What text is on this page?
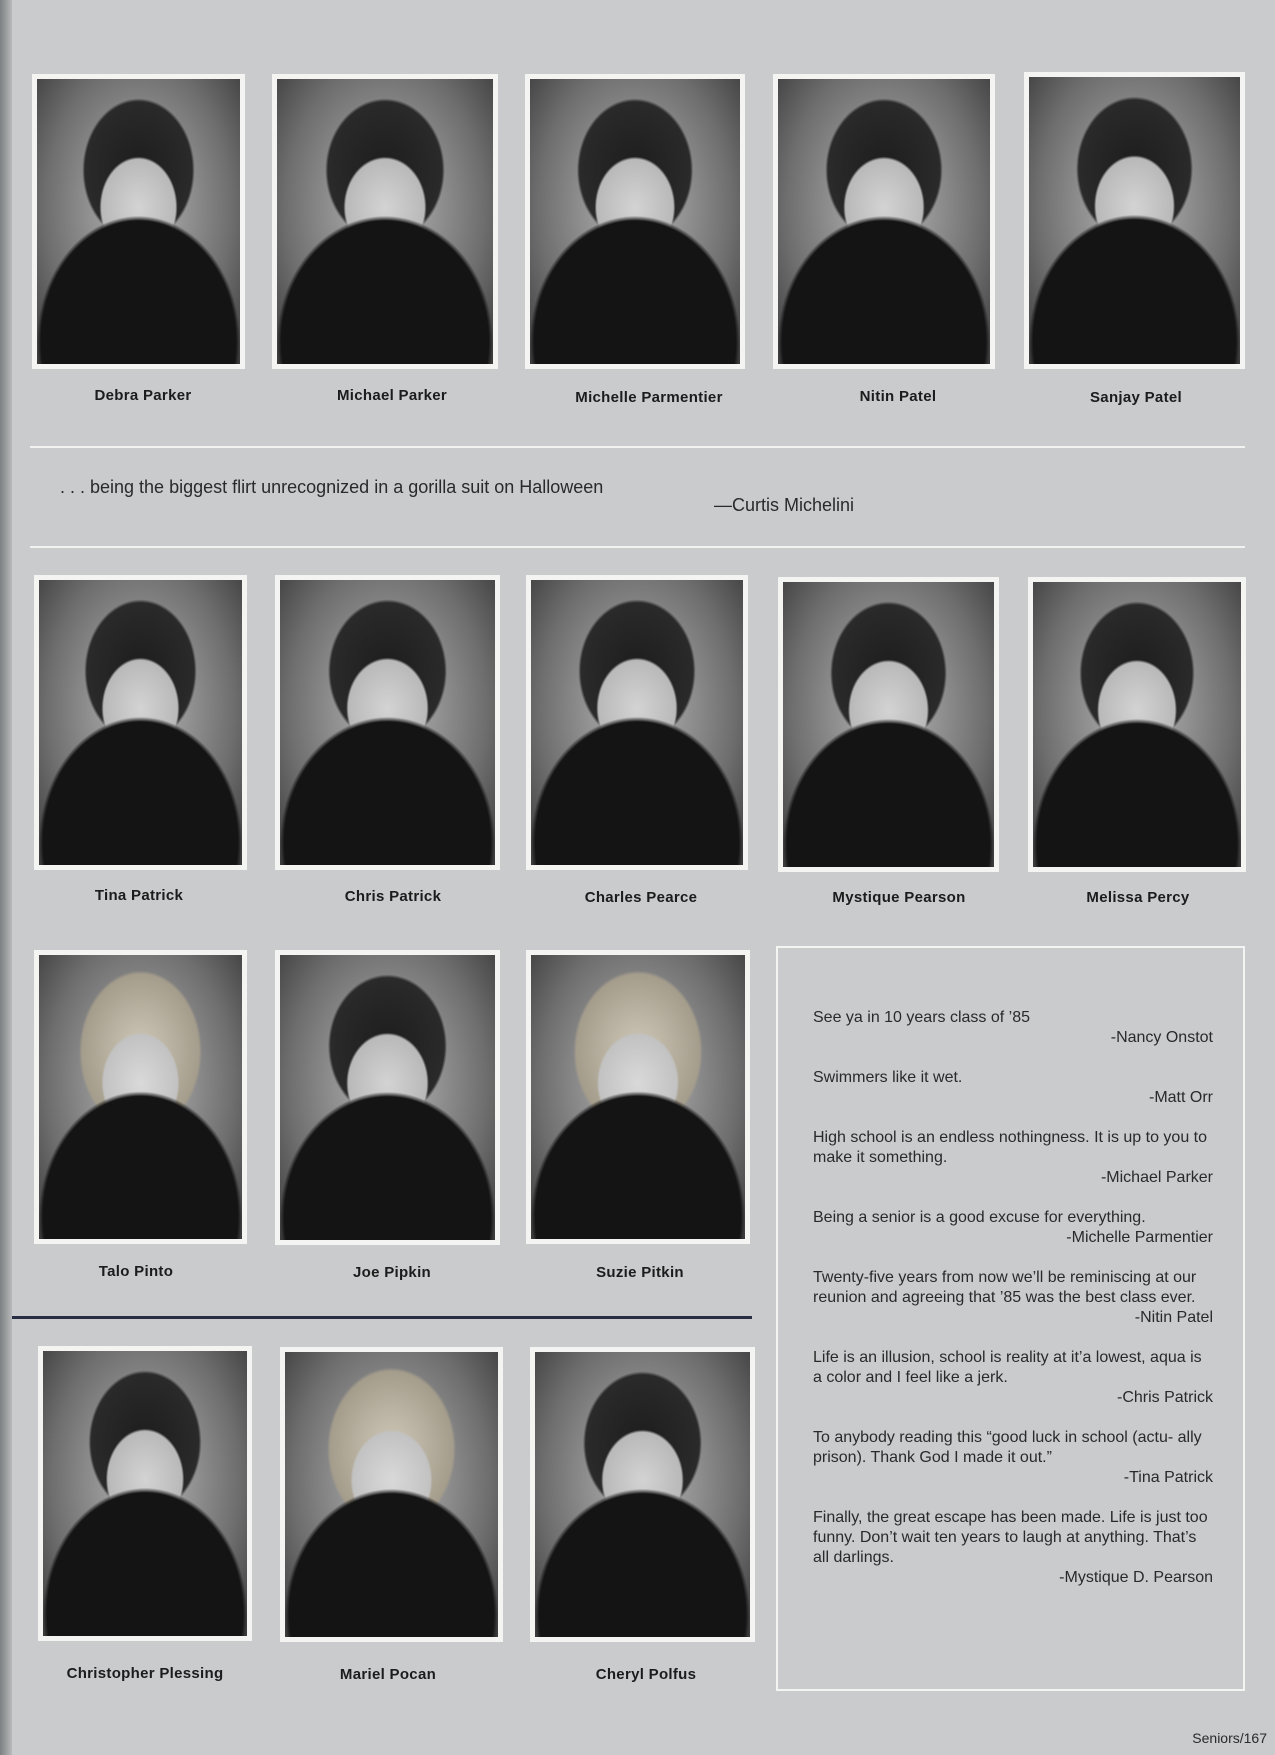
Debra Parker	Michael Parker	Michelle Parmentier	Nitin Patel	Sanjay Patel
. . . being the biggest flirt unrecognized in a gorilla suit on Halloween
—Curtis Michelini
Tina Patrick	Chris Patrick	Charles Pearce	Mystique Pearson	Melissa Percy
Talo Pinto	Joe Pipkin	Suzie Pitkin
Christopher Plessing	Mariel Pocan	Cheryl Polfus
See ya in 10 years class of ’85
-Nancy Onstot
Swimmers like it wet.
-Matt Orr
High school is an endless nothingness. It is up to you to make it something.
-Michael Parker
Being a senior is a good excuse for everything.
-Michelle Parmentier
Twenty-five years from now we’ll be reminiscing at our reunion and agreeing that ’85 was the best class ever.
-Nitin Patel
Life is an illusion, school is reality at it’a lowest, aqua is a color and I feel like a jerk.
-Chris Patrick
To anybody reading this “good luck in school (actu- ally prison). Thank God I made it out.”
-Tina Patrick
Finally, the great escape has been made. Life is just too funny. Don’t wait ten years to laugh at anything. That’s all darlings.
-Mystique D. Pearson
Seniors/167
